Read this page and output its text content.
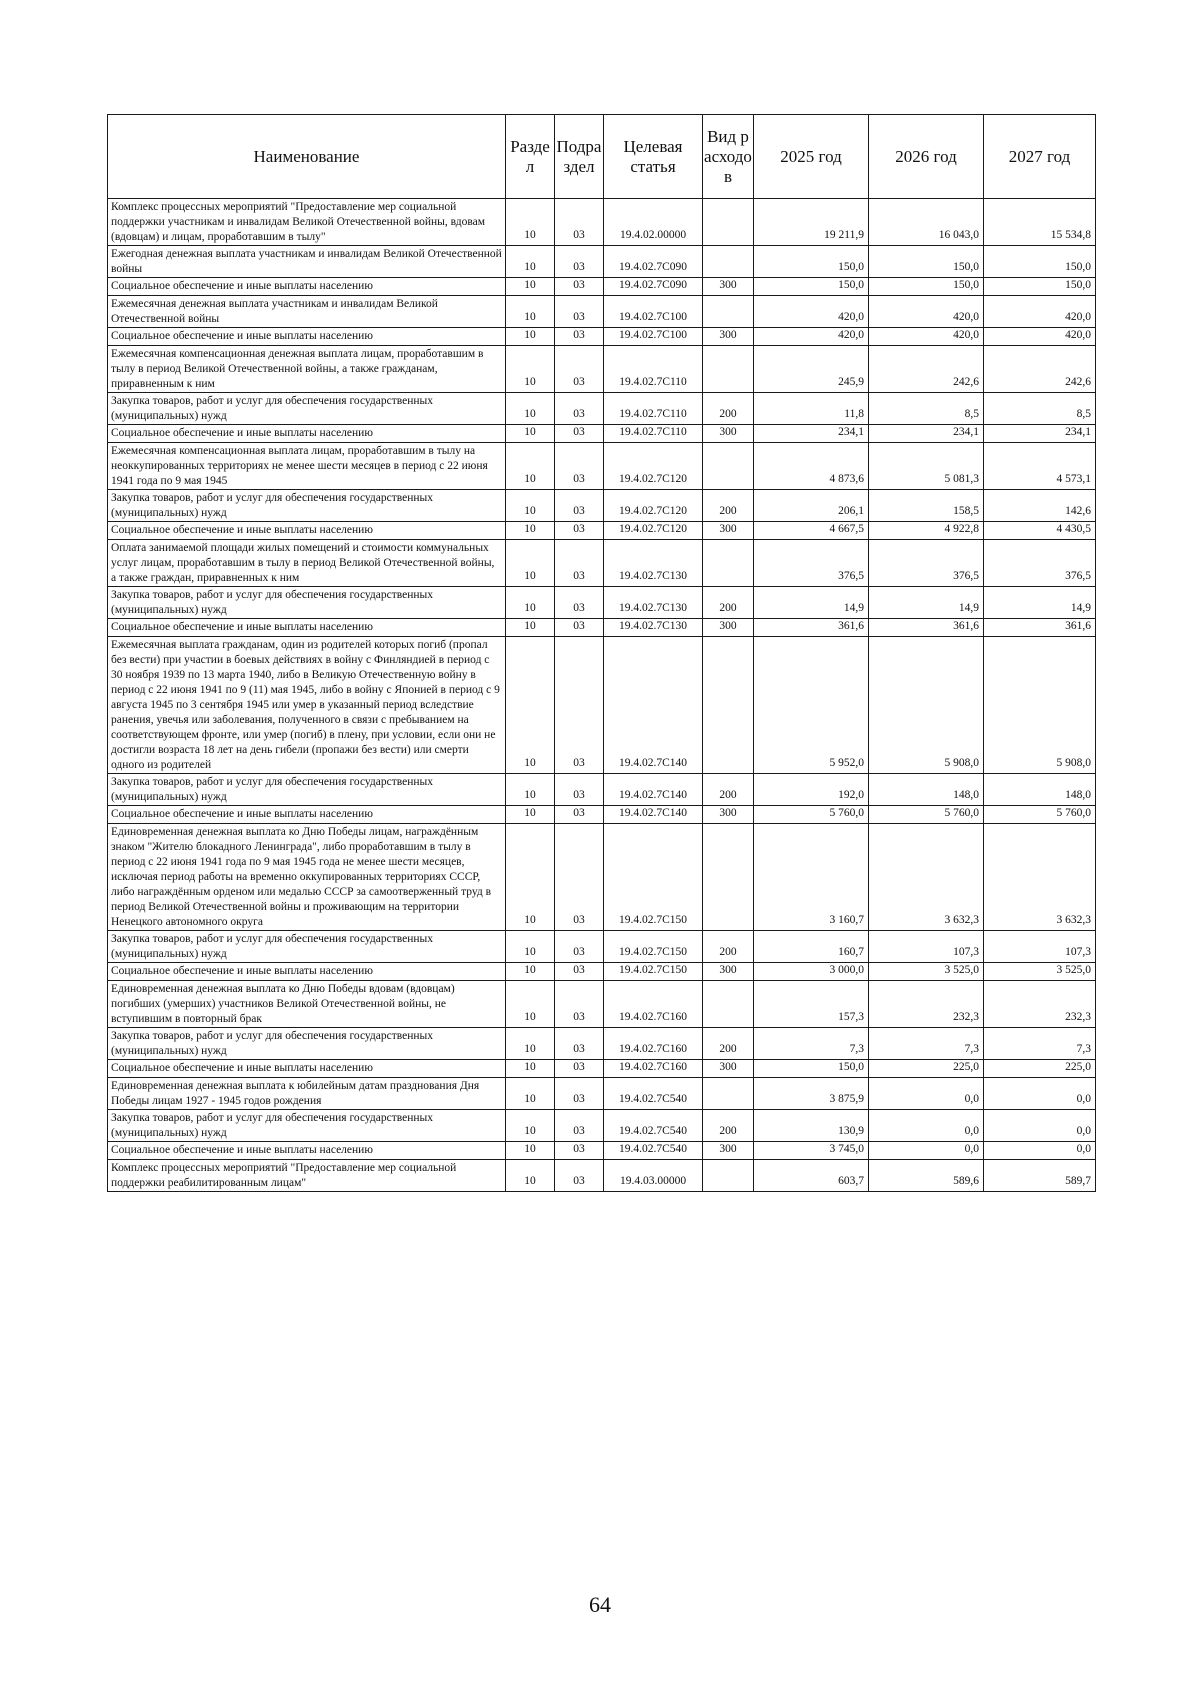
Наименование	Раздел	Подраздел	Целевая статья	Вид расходов	2025 год	2026 год	2027 год
Комплекс процессных мероприятий "Предоставление мер социальной поддержки участникам и инвалидам Великой Отечественной войны, вдовам (вдовцам) и лицам, проработавшим в тылу"	10	03	19.4.02.00000		19 211,9	16 043,0	15 534,8
Ежегодная денежная выплата участникам и инвалидам Великой Отечественной войны	10	03	19.4.02.7С090		150,0	150,0	150,0
Социальное обеспечение и иные выплаты населению	10	03	19.4.02.7С090	300	150,0	150,0	150,0
Ежемесячная денежная выплата участникам и инвалидам Великой Отечественной войны	10	03	19.4.02.7С100		420,0	420,0	420,0
Социальное обеспечение и иные выплаты населению	10	03	19.4.02.7С100	300	420,0	420,0	420,0
Ежемесячная компенсационная денежная выплата лицам, проработавшим в тылу в период Великой Отечественной войны, а также гражданам, приравненным к ним	10	03	19.4.02.7С110		245,9	242,6	242,6
Закупка товаров, работ и услуг для обеспечения государственных (муниципальных) нужд	10	03	19.4.02.7С110	200	11,8	8,5	8,5
Социальное обеспечение и иные выплаты населению	10	03	19.4.02.7С110	300	234,1	234,1	234,1
Ежемесячная компенсационная выплата лицам, проработавшим в тылу на неоккупированных территориях не менее шести месяцев в период с 22 июня 1941 года по 9 мая 1945	10	03	19.4.02.7С120		4 873,6	5 081,3	4 573,1
Закупка товаров, работ и услуг для обеспечения государственных (муниципальных) нужд	10	03	19.4.02.7С120	200	206,1	158,5	142,6
Социальное обеспечение и иные выплаты населению	10	03	19.4.02.7С120	300	4 667,5	4 922,8	4 430,5
Оплата занимаемой площади жилых помещений и стоимости коммунальных услуг лицам, проработавшим в тылу в период Великой Отечественной войны, а также граждан, приравненных к ним	10	03	19.4.02.7С130		376,5	376,5	376,5
Закупка товаров, работ и услуг для обеспечения государственных (муниципальных) нужд	10	03	19.4.02.7С130	200	14,9	14,9	14,9
Социальное обеспечение и иные выплаты населению	10	03	19.4.02.7С130	300	361,6	361,6	361,6
Ежемесячная выплата гражданам, один из родителей которых погиб (пропал без вести) при участии в боевых действиях в войну с Финляндией в период с 30 ноября 1939 по 13 марта 1940, либо в Великую Отечественную войну в период с 22 июня 1941 по 9 (11) мая 1945, либо в войну с Японией в период с 9 августа 1945 по 3 сентября 1945 или умер в указанный период вследствие ранения, увечья или заболевания, полученного в связи с пребыванием на соответствующем фронте, или умер (погиб) в плену, при условии, если они не достигли возраста 18 лет на день гибели (пропажи без вести) или смерти одного из родителей	10	03	19.4.02.7С140		5 952,0	5 908,0	5 908,0
Закупка товаров, работ и услуг для обеспечения государственных (муниципальных) нужд	10	03	19.4.02.7С140	200	192,0	148,0	148,0
Социальное обеспечение и иные выплаты населению	10	03	19.4.02.7С140	300	5 760,0	5 760,0	5 760,0
Единовременная денежная выплата ко Дню Победы лицам, награждённым знаком "Жителю блокадного Ленинграда", либо проработавшим в тылу в период с 22 июня 1941 года по 9 мая 1945 года не менее шести месяцев, исключая период работы на временно оккупированных территориях СССР, либо награждённым орденом или медалью СССР за самоотверженный труд в период Великой Отечественной войны и проживающим на территории Ненецкого автономного округа	10	03	19.4.02.7С150		3 160,7	3 632,3	3 632,3
Закупка товаров, работ и услуг для обеспечения государственных (муниципальных) нужд	10	03	19.4.02.7С150	200	160,7	107,3	107,3
Социальное обеспечение и иные выплаты населению	10	03	19.4.02.7С150	300	3 000,0	3 525,0	3 525,0
Единовременная денежная выплата ко Дню Победы вдовам (вдовцам) погибших (умерших) участников Великой Отечественной войны, не вступившим в повторный брак	10	03	19.4.02.7С160		157,3	232,3	232,3
Закупка товаров, работ и услуг для обеспечения государственных (муниципальных) нужд	10	03	19.4.02.7С160	200	7,3	7,3	7,3
Социальное обеспечение и иные выплаты населению	10	03	19.4.02.7С160	300	150,0	225,0	225,0
Единовременная денежная выплата к юбилейным датам празднования Дня Победы лицам 1927 - 1945 годов рождения	10	03	19.4.02.7С540		3 875,9	0,0	0,0
Закупка товаров, работ и услуг для обеспечения государственных (муниципальных) нужд	10	03	19.4.02.7С540	200	130,9	0,0	0,0
Социальное обеспечение и иные выплаты населению	10	03	19.4.02.7С540	300	3 745,0	0,0	0,0
Комплекс процессных мероприятий "Предоставление мер социальной поддержки реабилитированным лицам"	10	03	19.4.03.00000		603,7	589,6	589,7
64
